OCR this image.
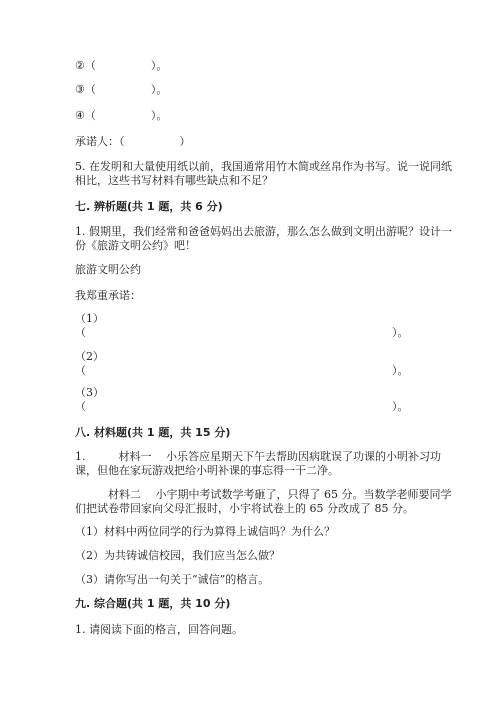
②（　　　　　）。
③（　　　　　）。
④（　　　　　）。
承诺人：（　　　　　）
5. 在发明和大量使用纸以前，我国通常用竹木简或丝帛作为书写。说一说同纸
相比，这些书写材料有哪些缺点和不足？
七. 辨析题(共 1 题，共 6 分)
1. 假期里，我们经常和爸爸妈妈出去旅游，那么怎么做到文明出游呢？设计一
份《旅游文明公约》吧！
旅游文明公约
我郑重承诺：
（1）
（	）。
（2）
（	）。
（3）
（	）。
八. 材料题(共 1 题，共 15 分)
1.　　　材料一　 小乐答应星期天下午去帮助因病耽误了功课的小明补习功
课，但他在家玩游戏把给小明补课的事忘得一干二净。
　　　材料二　 小宇期中考试数学考砸了，只得了 65 分。当数学老师要同学
们把试卷带回家向父母汇报时，小宇将试卷上的 65 分改成了 85 分。
（1）材料中两位同学的行为算得上诚信吗？为什么？
（2）为共铸诚信校园，我们应当怎么做？
（3）请你写出一句关于“诚信”的格言。
九. 综合题(共 1 题，共 10 分)
1. 请阅读下面的格言，回答问题。
